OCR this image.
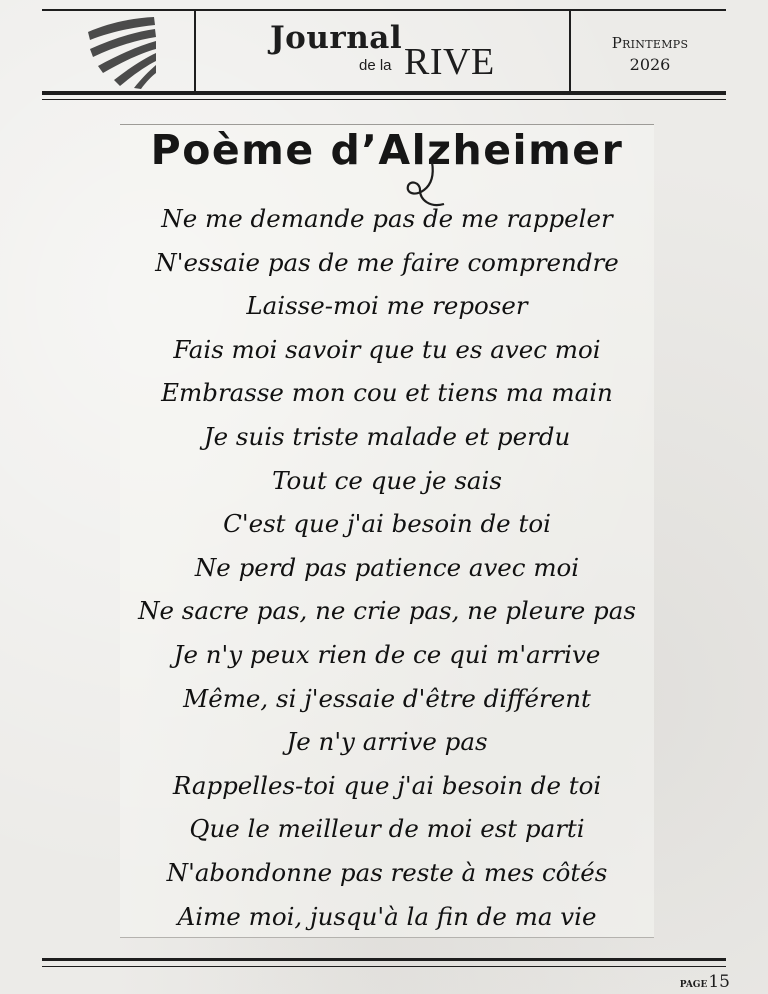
Journal
de la RIVE	Printemps
2026
Poème d’Alzheimer
Ne me demande pas de me rappeler
N'essaie pas de me faire comprendre
Laisse-moi me reposer
Fais moi savoir que tu es avec moi
Embrasse mon cou et tiens ma main
Je suis triste malade et perdu
Tout ce que je sais
C'est que j'ai besoin de toi
Ne perd pas patience avec moi
Ne sacre pas, ne crie pas, ne pleure pas
Je n'y peux rien de ce qui m'arrive
Même, si j'essaie d'être différent
Je n'y arrive pas
Rappelles-toi que j'ai besoin de toi
Que le meilleur de moi est parti
N'abondonne pas reste à mes côtés
Aime moi, jusqu'à la fin de ma vie
page15
